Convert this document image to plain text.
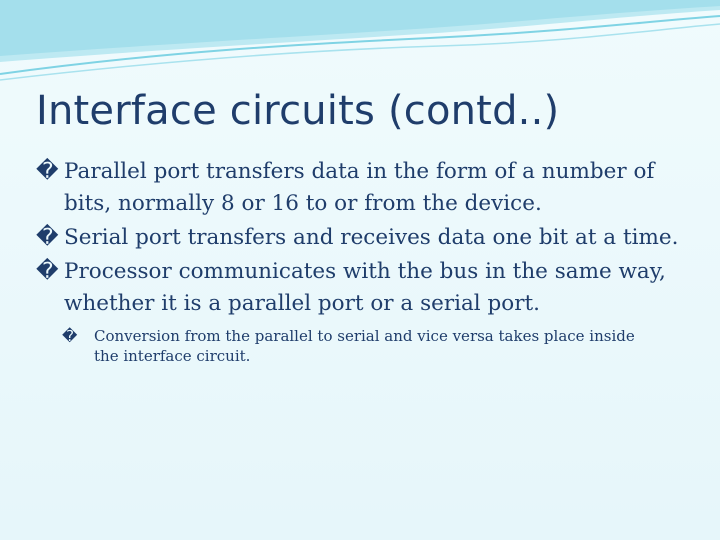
Interface circuits (contd..)
� Parallel port transfers data in the form of a number of bits, normally 8 or 16 to or from the device.
� Serial port transfers and receives data one bit at a time.
� Processor communicates with the bus in the same way, whether it is a parallel port or a serial port.
� Conversion from the parallel to serial and vice versa takes place inside the interface circuit.
